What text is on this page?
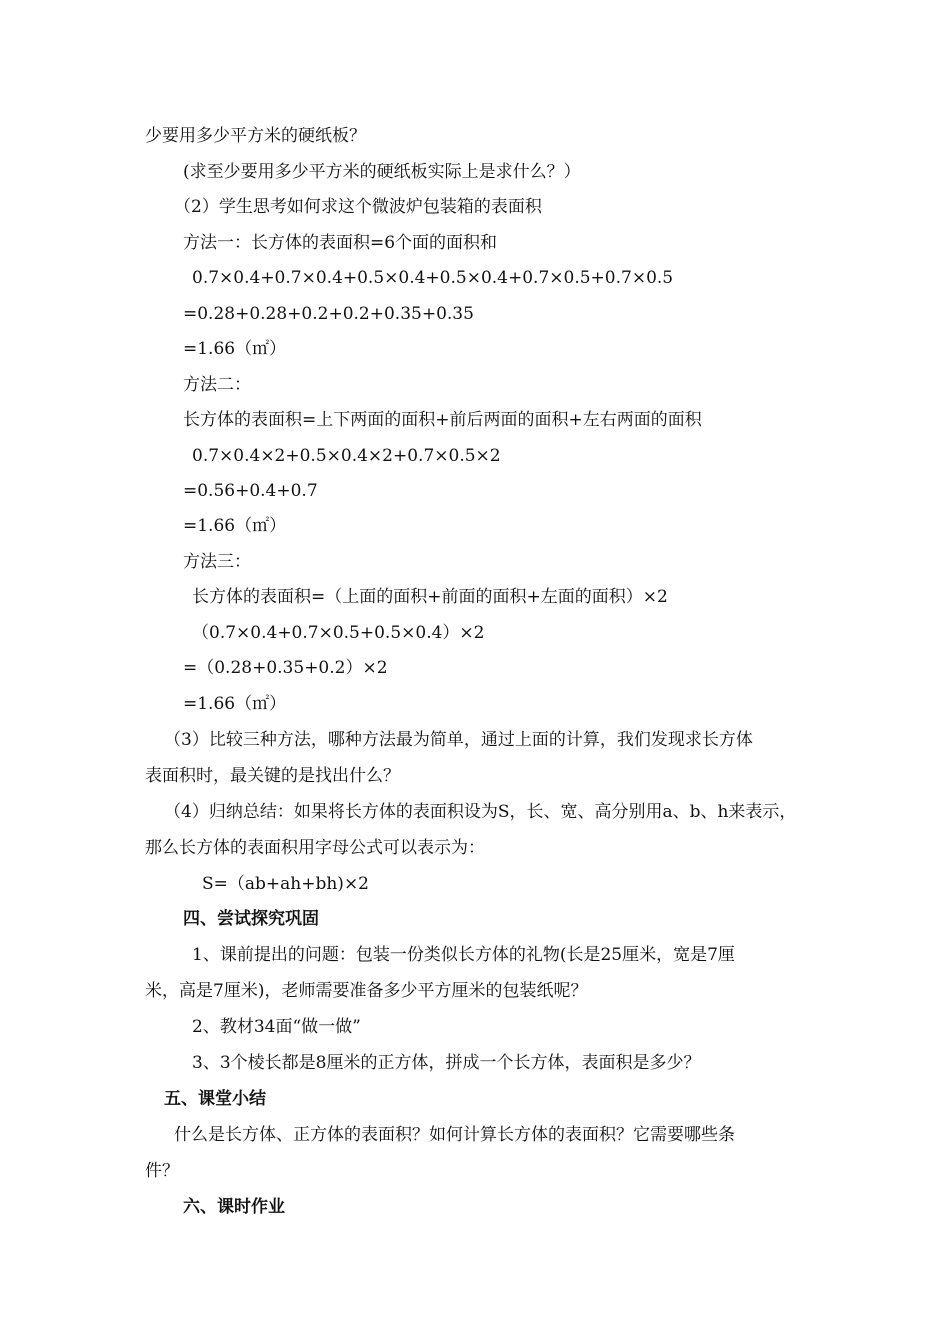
少要用多少平方米的硬纸板？
(求至少要用多少平方米的硬纸板实际上是求什么？）
（2）学生思考如何求这个微波炉包装箱的表面积
方法一：长方体的表面积=6个面的面积和
0.7×0.4+0.7×0.4+0.5×0.4+0.5×0.4+0.7×0.5+0.7×0.5
=0.28+0.28+0.2+0.2+0.35+0.35
=1.66（㎡）
方法二：
长方体的表面积=上下两面的面积+前后两面的面积+左右两面的面积
0.7×0.4×2+0.5×0.4×2+0.7×0.5×2
=0.56+0.4+0.7
=1.66（㎡）
方法三：
长方体的表面积=（上面的面积+前面的面积+左面的面积）×2
（0.7×0.4+0.7×0.5+0.5×0.4）×2
=（0.28+0.35+0.2）×2
=1.66（㎡）
（3）比较三种方法，哪种方法最为简单，通过上面的计算，我们发现求长方体
表面积时，最关键的是找出什么？
（4）归纳总结：如果将长方体的表面积设为S，长、宽、高分别用a、b、h来表示，
那么长方体的表面积用字母公式可以表示为：
S=（ab+ah+bh)×2
四、尝试探究巩固
1、课前提出的问题：包装一份类似长方体的礼物(长是25厘米，宽是7厘
米，高是7厘米)，老师需要准备多少平方厘米的包装纸呢？
2、教材34面“做一做”
3、3个棱长都是8厘米的正方体，拼成一个长方体，表面积是多少？
五、课堂小结
什么是长方体、正方体的表面积？如何计算长方体的表面积？它需要哪些条
件？
六、课时作业
